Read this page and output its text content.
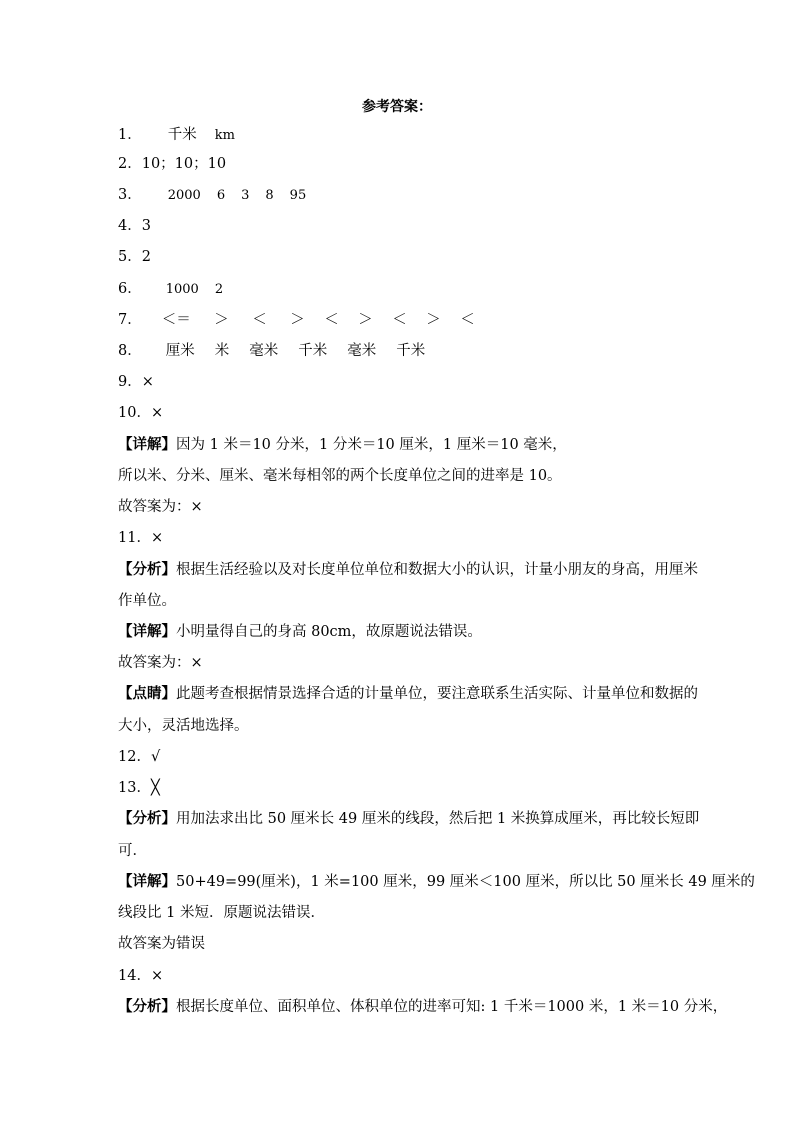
参考答案：
1． 千米 km
2．10；10；10
3． 2000 6 3 8 95
4．3
5．2
6． 1000 2
7． ＜＝ ＞ ＜ ＞ ＜ ＞ ＜ ＞ ＜
8． 厘米 米 毫米 千米 毫米 千米
9．×
10．×
【详解】因为 1 米＝10 分米，1 分米＝10 厘米，1 厘米＝10 毫米，
所以米、分米、厘米、毫米每相邻的两个长度单位之间的进率是 10。
故答案为：×
11．×
【分析】根据生活经验以及对长度单位单位和数据大小的认识，计量小朋友的身高，用厘米
作单位。
【详解】小明量得自己的身高 80cm，故原题说法错误。
故答案为：×
【点睛】此题考查根据情景选择合适的计量单位，要注意联系生活实际、计量单位和数据的
大小，灵活地选择。
12．√
13．╳
【分析】用加法求出比 50 厘米长 49 厘米的线段，然后把 1 米换算成厘米，再比较长短即
可．
【详解】50+49=99(厘米)，1 米=100 厘米，99 厘米＜100 厘米，所以比 50 厘米长 49 厘米的
线段比 1 米短．原题说法错误．
故答案为错误
14．×
【分析】根据长度单位、面积单位、体积单位的进率可知: 1 千米＝1000 米，1 米＝10 分米，
